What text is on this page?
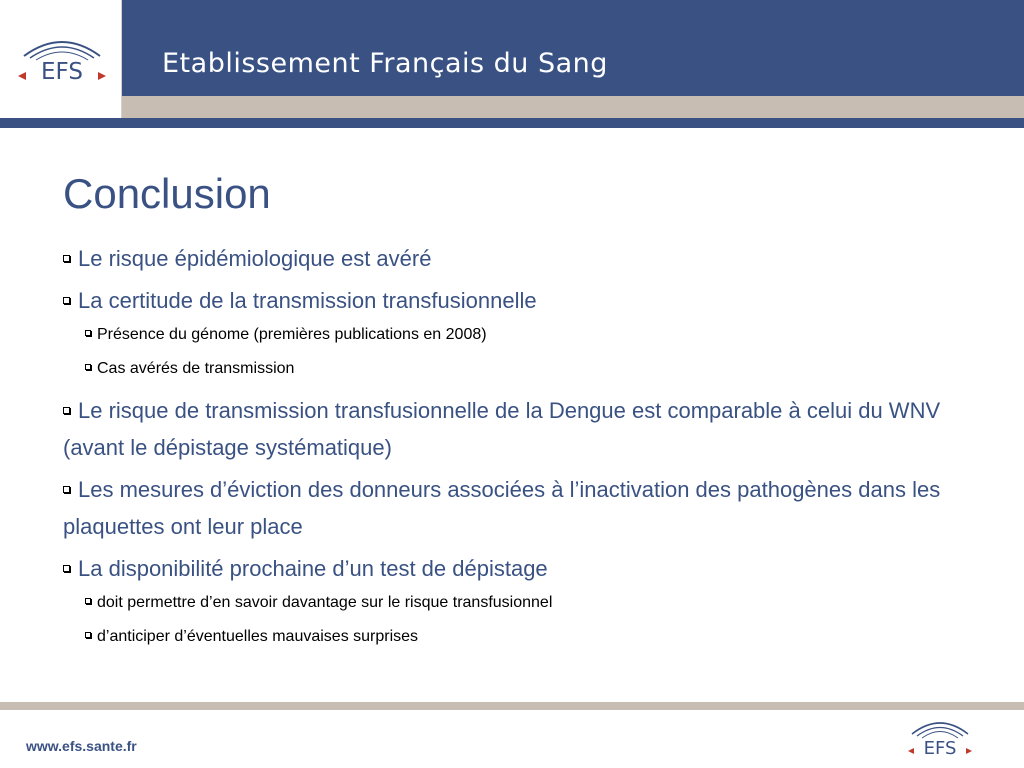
EFS	Etablissement Français du Sang
Conclusion
Le risque épidémiologique est avéré
La certitude de la transmission transfusionnelle
Présence du génome (premières publications en 2008)
Cas avérés de transmission
Le risque de transmission transfusionnelle de la Dengue est comparable à celui du WNV (avant le dépistage systématique)
Les mesures d’éviction des donneurs associées à l’inactivation des pathogènes dans les plaquettes ont leur place
La disponibilité prochaine d’un test de dépistage
doit permettre d’en savoir davantage sur le risque transfusionnel
d’anticiper d’éventuelles mauvaises surprises
www.efs.sante.fr	EFS
